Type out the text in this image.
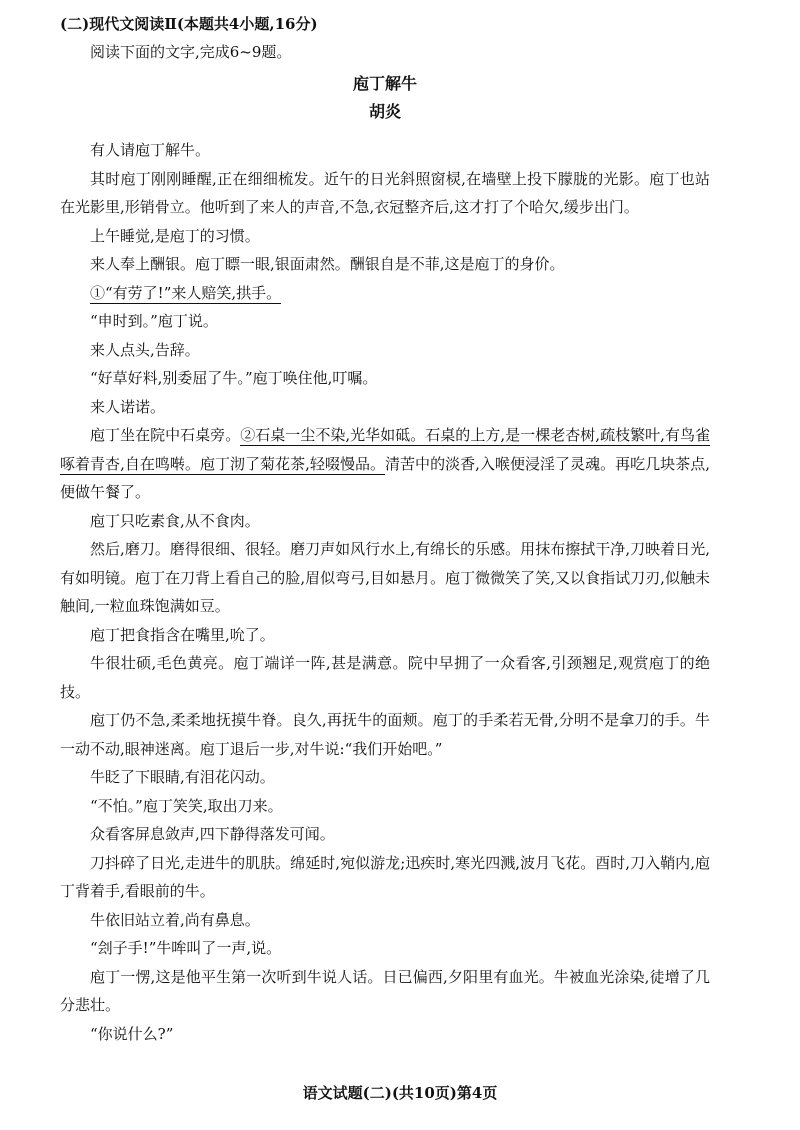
(二)现代文阅读Ⅱ(本题共4小题,16分)
阅读下面的文字,完成6~9题。
庖丁解牛
胡炎

有人请庖丁解牛。

其时庖丁刚刚睡醒,正在细细梳发。近午的日光斜照窗棂,在墙壁上投下朦胧的光影。庖丁也站在光影里,形销骨立。他听到了来人的声音,不急,衣冠整齐后,这才打了个哈欠,缓步出门。

上午睡觉,是庖丁的习惯。

来人奉上酬银。庖丁瞟一眼,银面肃然。酬银自是不菲,这是庖丁的身价。

①“有劳了!”来人赔笑,拱手。

“申时到。”庖丁说。

来人点头,告辞。

“好草好料,别委屈了牛。”庖丁唤住他,叮嘱。

来人诺诺。

庖丁坐在院中石桌旁。②石桌一尘不染,光华如砥。石桌的上方,是一棵老杏树,疏枝繁叶,有鸟雀啄着青杏,自在鸣啭。庖丁沏了菊花茶,轻啜慢品。清苦中的淡香,入喉便浸淫了灵魂。再吃几块茶点,便做午餐了。

庖丁只吃素食,从不食肉。

然后,磨刀。磨得很细、很轻。磨刀声如风行水上,有绵长的乐感。用抹布擦拭干净,刀映着日光,有如明镜。庖丁在刀背上看自己的脸,眉似弯弓,目如悬月。庖丁微微笑了笑,又以食指试刀刃,似触未触间,一粒血珠饱满如豆。

庖丁把食指含在嘴里,吮了。

牛很壮硕,毛色黄亮。庖丁端详一阵,甚是满意。院中早拥了一众看客,引颈翘足,观赏庖丁的绝技。

庖丁仍不急,柔柔地抚摸牛脊。良久,再抚牛的面颊。庖丁的手柔若无骨,分明不是拿刀的手。牛一动不动,眼神迷离。庖丁退后一步,对牛说:“我们开始吧。”

牛眨了下眼睛,有泪花闪动。

“不怕。”庖丁笑笑,取出刀来。

众看客屏息敛声,四下静得落发可闻。

刀抖碎了日光,走进牛的肌肤。绵延时,宛似游龙;迅疾时,寒光四溅,波月飞花。酉时,刀入鞘内,庖丁背着手,看眼前的牛。

牛依旧站立着,尚有鼻息。

“刽子手!”牛哞叫了一声,说。

庖丁一愣,这是他平生第一次听到牛说人话。日已偏西,夕阳里有血光。牛被血光涂染,徒增了几分悲壮。

“你说什么?”

语文试题(二)(共10页)第4页
